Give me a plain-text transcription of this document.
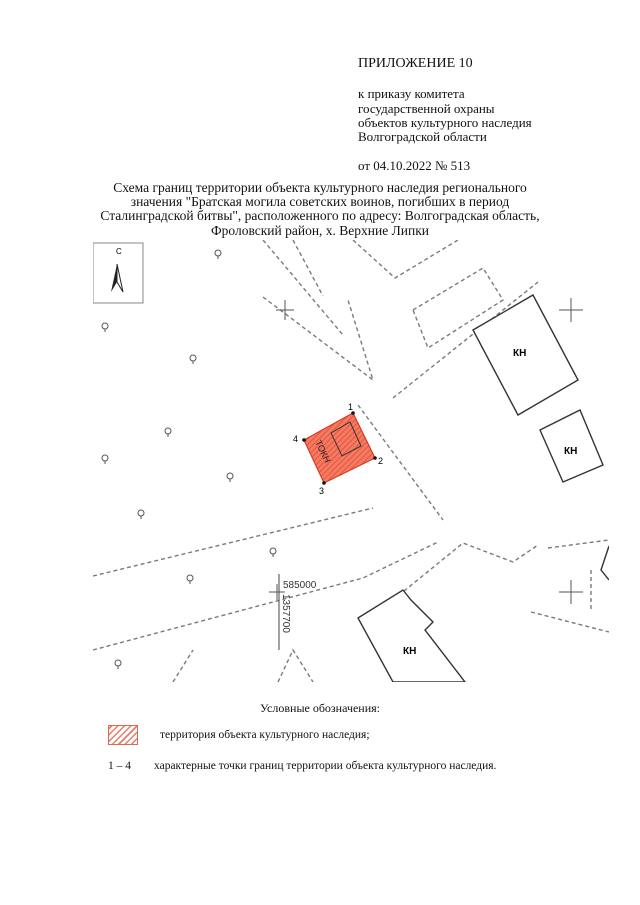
ПРИЛОЖЕНИЕ 10
к приказу комитета
государственной охраны
объектов культурного наследия
Волгоградской области
от 04.10.2022 № 513
Схема границ территории объекта культурного наследия регионального
значения "Братская могила советских воинов, погибших в период
Сталинградской битвы", расположенного по адресу: Волгоградская область,
Фроловский район, х. Верхние Липки
С
КН
КН
КН
585000
1357700
ТОКН
1
2
3
4
Условные обозначения:
территория объекта культурного наследия;
1 – 4	характерные точки границ территории объекта культурного наследия.
